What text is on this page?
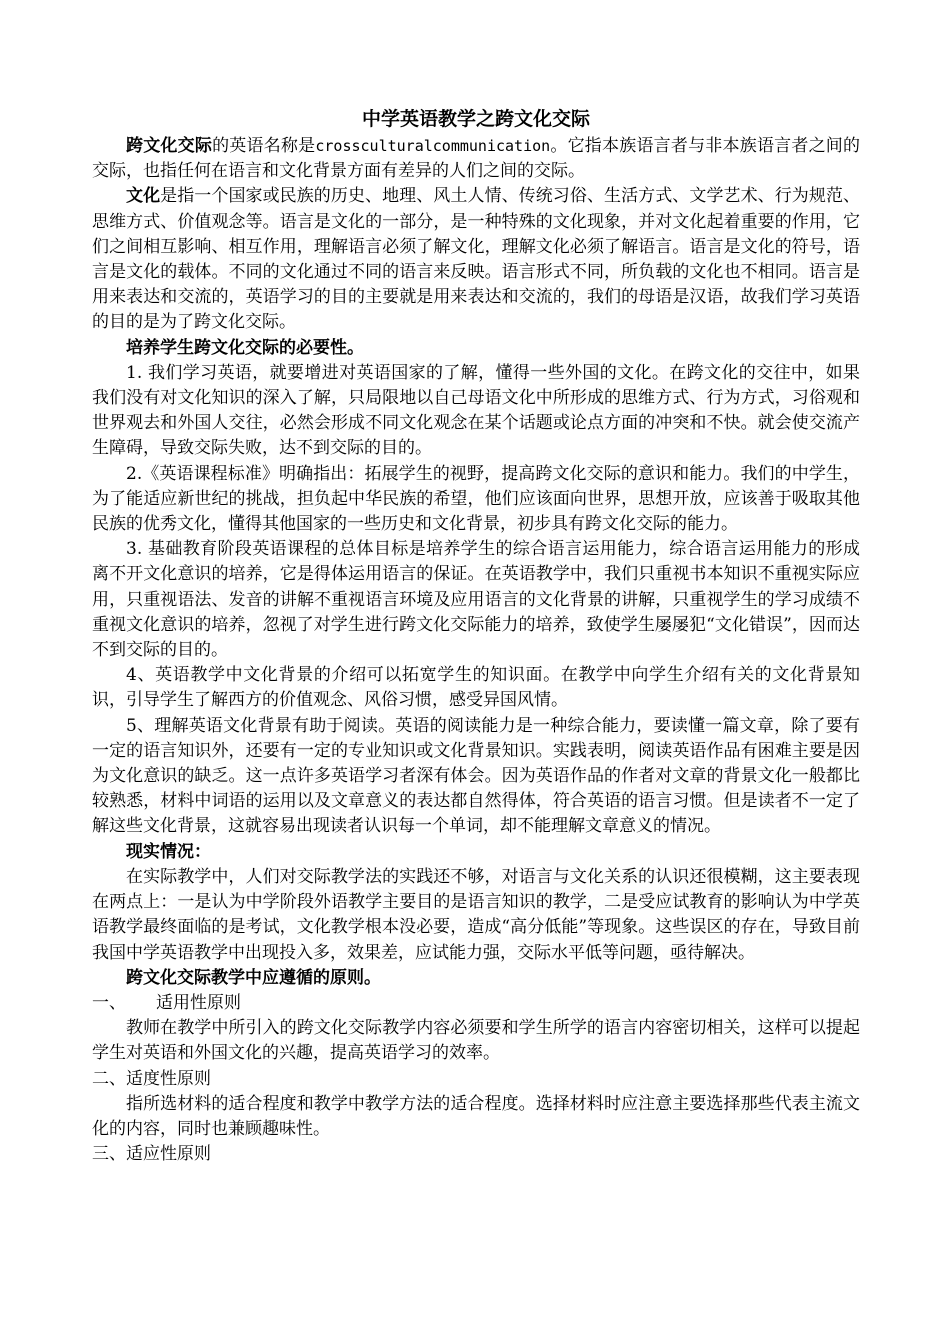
中学英语教学之跨文化交际

跨文化交际的英语名称是crossculturalcommunication。它指本族语言者与非本族语言者之间的交际，也指任何在语言和文化背景方面有差异的人们之间的交际。

文化是指一个国家或民族的历史、地理、风土人情、传统习俗、生活方式、文学艺术、行为规范、思维方式、价值观念等。语言是文化的一部分，是一种特殊的文化现象，并对文化起着重要的作用，它们之间相互影响、相互作用，理解语言必须了解文化，理解文化必须了解语言。语言是文化的符号，语言是文化的载体。不同的文化通过不同的语言来反映。语言形式不同，所负载的文化也不相同。语言是用来表达和交流的，英语学习的目的主要就是用来表达和交流的，我们的母语是汉语，故我们学习英语的目的是为了跨文化交际。

培养学生跨文化交际的必要性。

1. 我们学习英语，就要增进对英语国家的了解，懂得一些外国的文化。在跨文化的交往中，如果我们没有对文化知识的深入了解，只局限地以自己母语文化中所形成的思维方式、行为方式，习俗观和世界观去和外国人交往，必然会形成不同文化观念在某个话题或论点方面的冲突和不快。就会使交流产生障碍，导致交际失败，达不到交际的目的。

2.《英语课程标准》明确指出：拓展学生的视野，提高跨文化交际的意识和能力。我们的中学生，为了能适应新世纪的挑战，担负起中华民族的希望，他们应该面向世界，思想开放，应该善于吸取其他民族的优秀文化，懂得其他国家的一些历史和文化背景，初步具有跨文化交际的能力。

3. 基础教育阶段英语课程的总体目标是培养学生的综合语言运用能力，综合语言运用能力的形成离不开文化意识的培养，它是得体运用语言的保证。在英语教学中，我们只重视书本知识不重视实际应用，只重视语法、发音的讲解不重视语言环境及应用语言的文化背景的讲解，只重视学生的学习成绩不重视文化意识的培养，忽视了对学生进行跨文化交际能力的培养，致使学生屡屡犯“文化错误”，因而达不到交际的目的。

4、英语教学中文化背景的介绍可以拓宽学生的知识面。在教学中向学生介绍有关的文化背景知识，引导学生了解西方的价值观念、风俗习惯，感受异国风情。

5、理解英语文化背景有助于阅读。英语的阅读能力是一种综合能力，要读懂一篇文章，除了要有一定的语言知识外，还要有一定的专业知识或文化背景知识。实践表明，阅读英语作品有困难主要是因为文化意识的缺乏。这一点许多英语学习者深有体会。因为英语作品的作者对文章的背景文化一般都比较熟悉，材料中词语的运用以及文章意义的表达都自然得体，符合英语的语言习惯。但是读者不一定了解这些文化背景，这就容易出现读者认识每一个单词，却不能理解文章意义的情况。

现实情况：

在实际教学中，人们对交际教学法的实践还不够，对语言与文化关系的认识还很模糊，这主要表现在两点上：一是认为中学阶段外语教学主要目的是语言知识的教学，二是受应试教育的影响认为中学英语教学最终面临的是考试，文化教学根本没必要，造成“高分低能”等现象。这些误区的存在，导致目前我国中学英语教学中出现投入多，效果差，应试能力强，交际水平低等问题，亟待解决。

跨文化交际教学中应遵循的原则。

一、 适用性原则

教师在教学中所引入的跨文化交际教学内容必须要和学生所学的语言内容密切相关，这样可以提起学生对英语和外国文化的兴趣，提高英语学习的效率。

二、适度性原则

指所选材料的适合程度和教学中教学方法的适合程度。选择材料时应注意主要选择那些代表主流文化的内容，同时也兼顾趣味性。

三、适应性原则
